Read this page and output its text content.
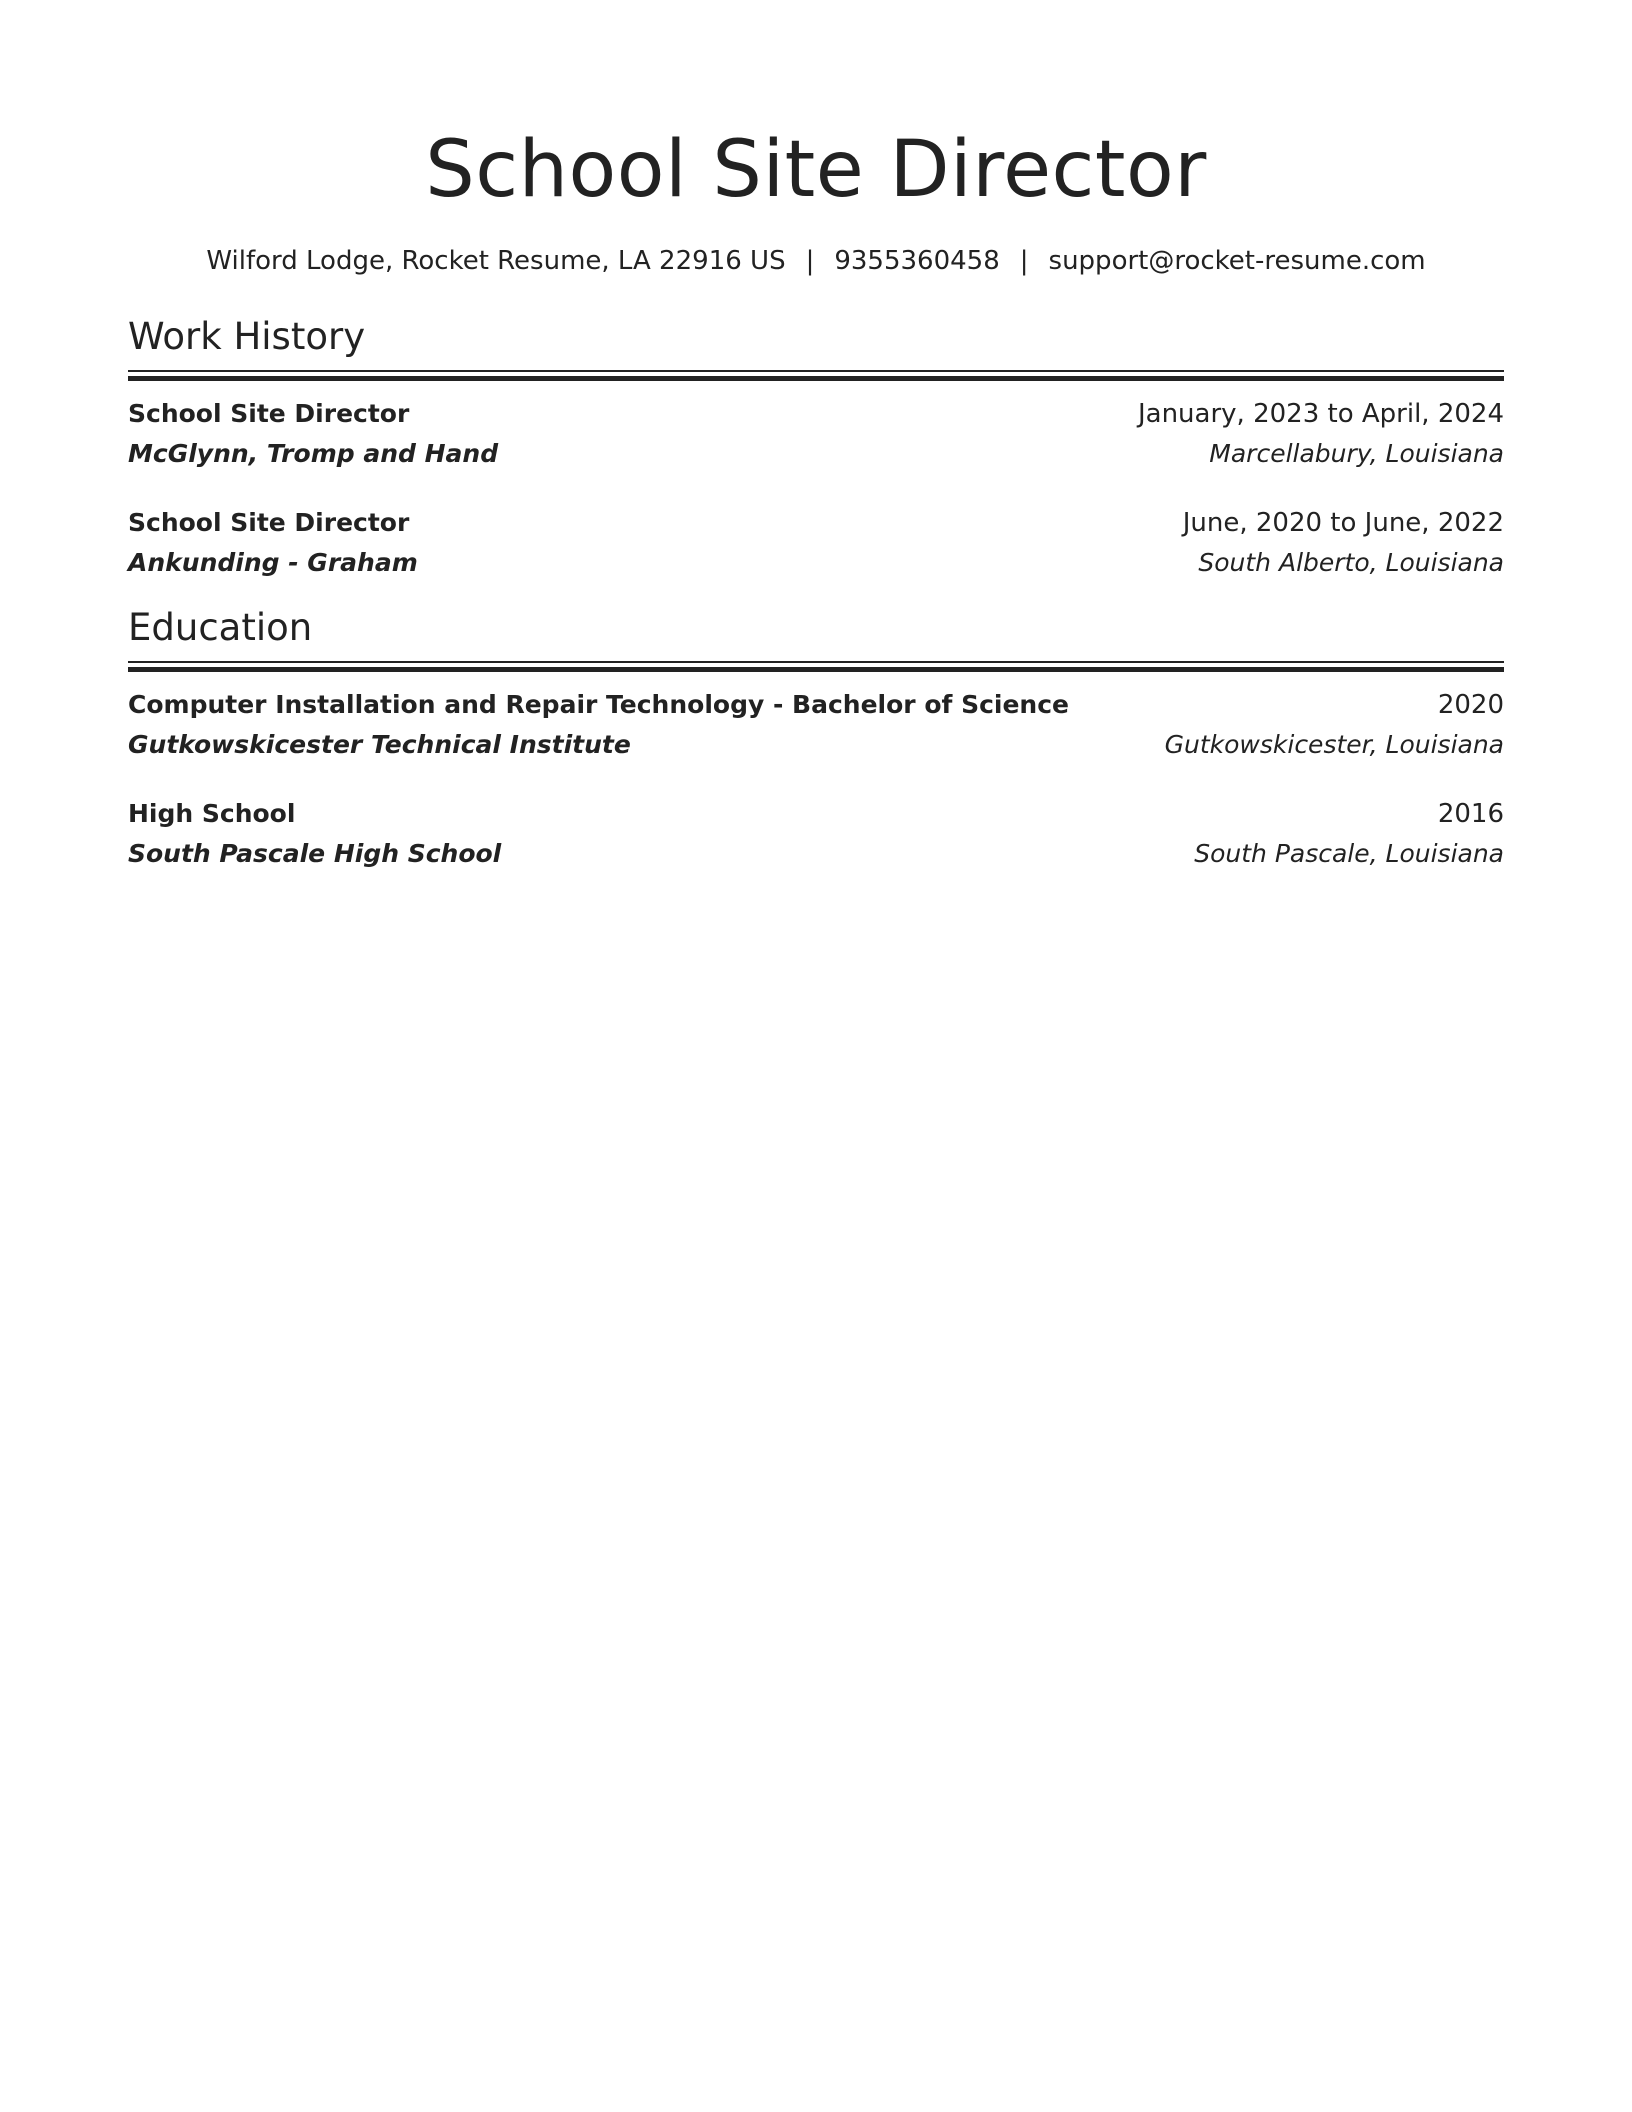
School Site Director
Wilford Lodge, Rocket Resume, LA 22916 US | 9355360458 | support@rocket-resume.com
Work History
School Site Director	January, 2023 to April, 2024
McGlynn, Tromp and Hand	Marcellabury, Louisiana
School Site Director	June, 2020 to June, 2022
Ankunding - Graham	South Alberto, Louisiana
Education
Computer Installation and Repair Technology - Bachelor of Science	2020
Gutkowskicester Technical Institute	Gutkowskicester, Louisiana
High School	2016
South Pascale High School	South Pascale, Louisiana
